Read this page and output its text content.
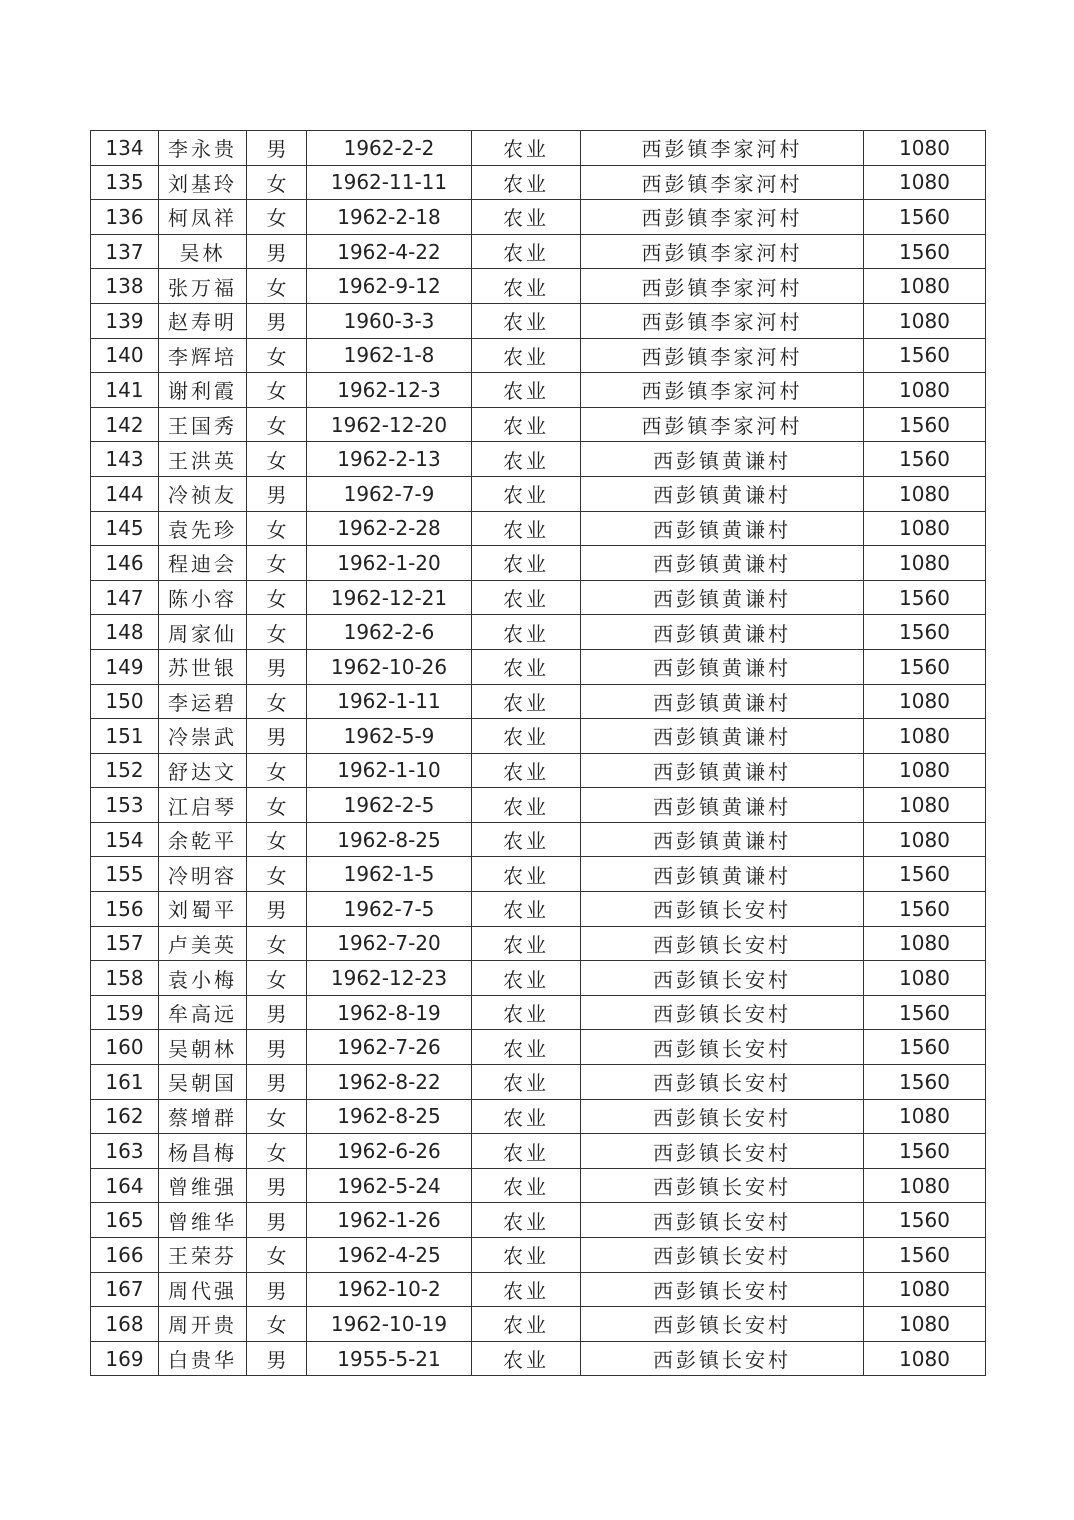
134	李永贵	男	1962-2-2	农业	西彭镇李家河村	1080
135	刘基玲	女	1962-11-11	农业	西彭镇李家河村	1080
136	柯凤祥	女	1962-2-18	农业	西彭镇李家河村	1560
137	吴林	男	1962-4-22	农业	西彭镇李家河村	1560
138	张万福	女	1962-9-12	农业	西彭镇李家河村	1080
139	赵寿明	男	1960-3-3	农业	西彭镇李家河村	1080
140	李辉培	女	1962-1-8	农业	西彭镇李家河村	1560
141	谢利霞	女	1962-12-3	农业	西彭镇李家河村	1080
142	王国秀	女	1962-12-20	农业	西彭镇李家河村	1560
143	王洪英	女	1962-2-13	农业	西彭镇黄谦村	1560
144	冷祯友	男	1962-7-9	农业	西彭镇黄谦村	1080
145	袁先珍	女	1962-2-28	农业	西彭镇黄谦村	1080
146	程迪会	女	1962-1-20	农业	西彭镇黄谦村	1080
147	陈小容	女	1962-12-21	农业	西彭镇黄谦村	1560
148	周家仙	女	1962-2-6	农业	西彭镇黄谦村	1560
149	苏世银	男	1962-10-26	农业	西彭镇黄谦村	1560
150	李运碧	女	1962-1-11	农业	西彭镇黄谦村	1080
151	冷崇武	男	1962-5-9	农业	西彭镇黄谦村	1080
152	舒达文	女	1962-1-10	农业	西彭镇黄谦村	1080
153	江启琴	女	1962-2-5	农业	西彭镇黄谦村	1080
154	余乾平	女	1962-8-25	农业	西彭镇黄谦村	1080
155	冷明容	女	1962-1-5	农业	西彭镇黄谦村	1560
156	刘蜀平	男	1962-7-5	农业	西彭镇长安村	1560
157	卢美英	女	1962-7-20	农业	西彭镇长安村	1080
158	袁小梅	女	1962-12-23	农业	西彭镇长安村	1080
159	牟高远	男	1962-8-19	农业	西彭镇长安村	1560
160	吴朝林	男	1962-7-26	农业	西彭镇长安村	1560
161	吴朝国	男	1962-8-22	农业	西彭镇长安村	1560
162	蔡增群	女	1962-8-25	农业	西彭镇长安村	1080
163	杨昌梅	女	1962-6-26	农业	西彭镇长安村	1560
164	曾维强	男	1962-5-24	农业	西彭镇长安村	1080
165	曾维华	男	1962-1-26	农业	西彭镇长安村	1560
166	王荣芬	女	1962-4-25	农业	西彭镇长安村	1560
167	周代强	男	1962-10-2	农业	西彭镇长安村	1080
168	周开贵	女	1962-10-19	农业	西彭镇长安村	1080
169	白贵华	男	1955-5-21	农业	西彭镇长安村	1080
